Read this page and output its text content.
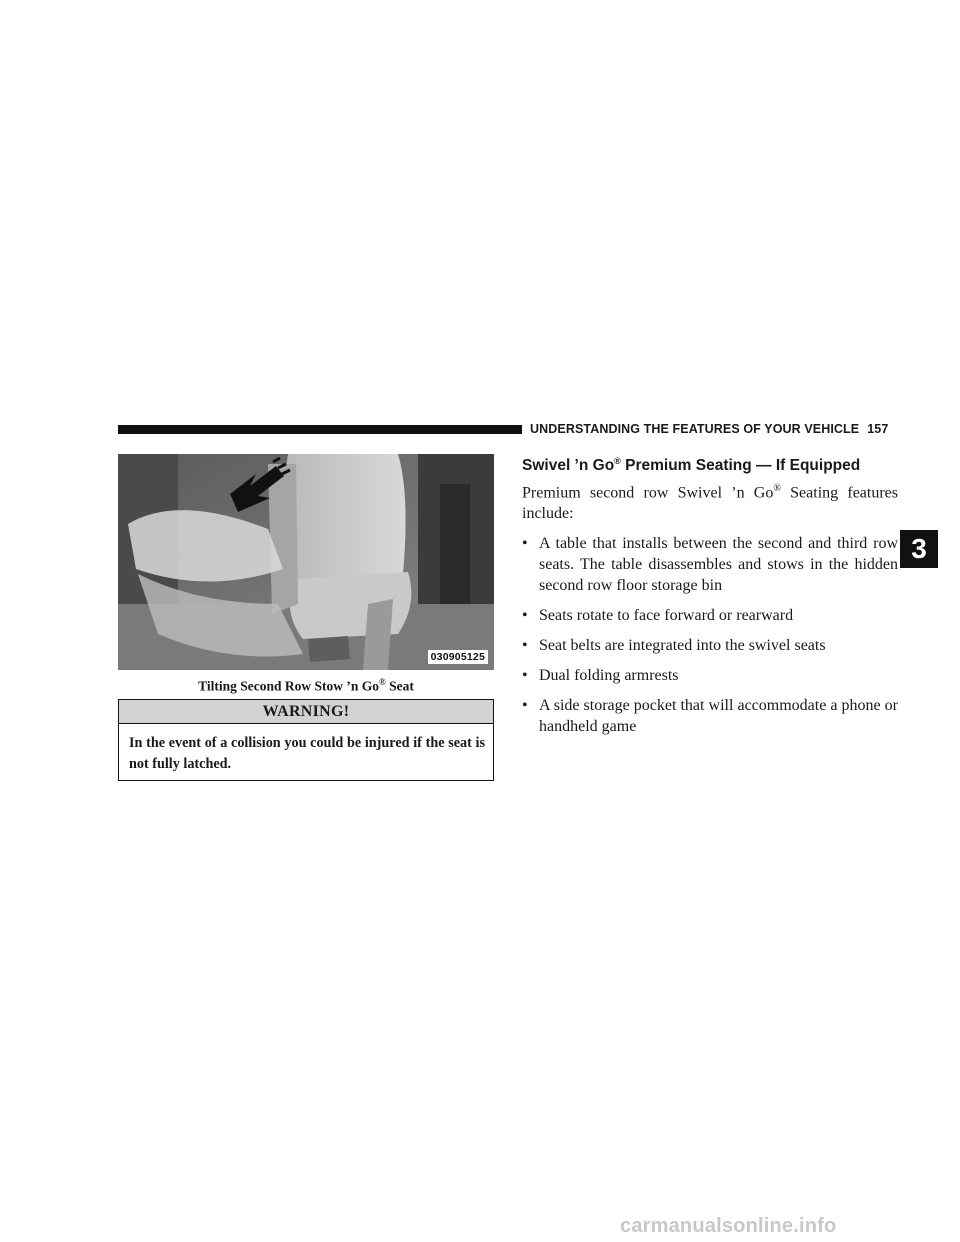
UNDERSTANDING THE FEATURES OF YOUR VEHICLE 157
030905125
Tilting Second Row Stow ’n Go® Seat
WARNING!
In the event of a collision you could be injured if the seat is not fully latched.
Swivel ’n Go® Premium Seating — If Equipped

Premium second row Swivel ’n Go® Seating features include:

• A table that installs between the second and third row seats. The table disassembles and stows in the hidden second row floor storage bin
• Seats rotate to face forward or rearward
• Seat belts are integrated into the swivel seats
• Dual folding armrests
• A side storage pocket that will accommodate a phone or handheld game
3
carmanualsonline.info
